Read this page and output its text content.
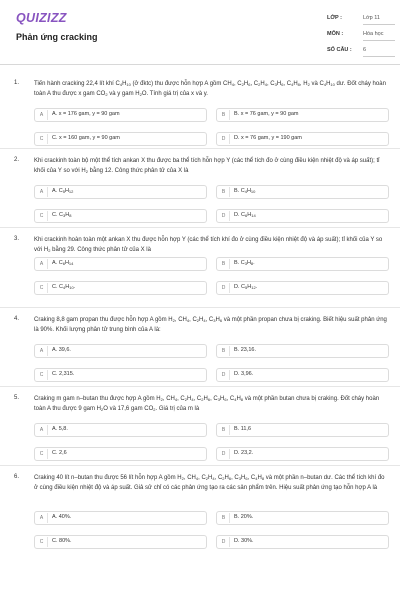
QUIZIZZ
Phản ứng cracking
LỚP :	Lớp 11
MÔN :	Hóa học
SỐ CÂU : 6
1. Tiến hành cracking 22,4 lít khí $C_4H_{10}$ (ở đktc) thu được hỗn hợp A gồm $CH_4$, $C_2H_6$, $C_2H_4$, $C_3H_6$, $C_4H_8$, $H_2$ và $C_4H_{10}$ dư. Đốt cháy hoàn toàn A thu được x gam $CO_2$ và y gam $H_2O$. Tính giá trị của x và y.
A	A. x = 176 gam, y = 90 gam	B	B. x = 76 gam, y = 90 gam
C	C. x = 160 gam, y = 90 gam	D	D. x = 76 gam, y = 190 gam
2. Khi crackinh toàn bộ một thể tích ankan X thu được ba thể tích hỗn hợp Y (các thể tích đo ở cùng điều kiện nhiệt độ và áp suất); tỉ khối của Y so với $H_2$ bằng 12. Công thức phân tử của X là
A	A. $C_5H_{12}$	B	B. $C_4H_{10}$
C	C. $C_3H_8$	D	D. $C_6H_{14}$
3. Khi crackinh hoàn toàn một ankan X thu được hỗn hợp Y (các thể tích khí đo ở cùng điều kiện nhiệt độ và áp suất); tỉ khối của Y so với $H_2$ bằng 29. Công thức phân tử của X là
A	A. $C_6H_{14}$	B	B. $C_3H_8$.
C	C. $C_4H_{10}$.	D	D. $C_5H_{12}$.
4. Craking 8,8 gam propan thu được hỗn hợp A gồm $H_2$, $CH_4$, $C_2H_4$, $C_3H_6$ và một phần propan chưa bị craking. Biết hiệu suất phản ứng là 90%. Khối lượng phân tử trung bình của A là:
A	A. 39,6.	B	B. 23,16.
C	C. 2,315.	D	D. 3,96.
5. Craking m gam n–butan thu được hợp A gồm $H_2$, $CH_4$, $C_2H_4$, $C_2H_6$, $C_3H_6$, $C_4H_8$ và một phần butan chưa bị craking. Đốt cháy hoàn toàn A thu được 9 gam $H_2O$ và 17,6 gam $CO_2$. Giá trị của m là
A	A. 5,8.	B	B. 11,6
C	C. 2,6	D	D. 23,2.
6. Craking 40 lít n–butan thu được 56 lít hỗn hợp A gồm $H_2$, $CH_4$, $C_2H_4$, $C_2H_6$, $C_3H_6$, $C_4H_8$ và một phần n–butan dư. Các thể tích khí đo ở cùng điều kiện nhiệt độ và áp suất. Giả sử chỉ có các phản ứng tạo ra các sản phẩm trên. Hiệu suất phản ứng tạo hỗn hợp A là
A	A. 40%.	B	B. 20%.
C	C. 80%.	D	D. 30%.
